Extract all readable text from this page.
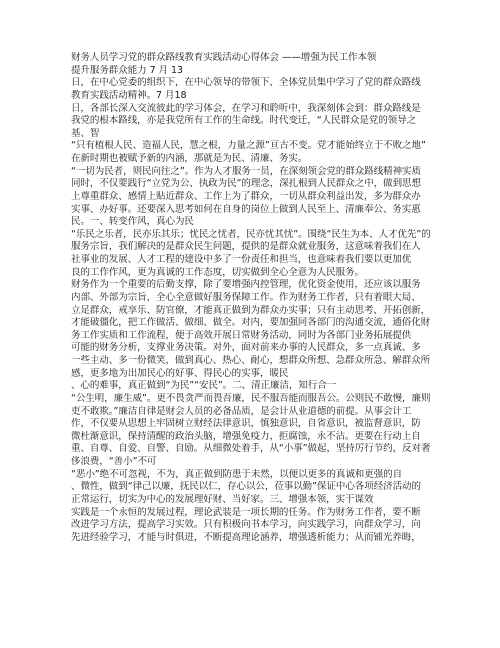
财务人员学习党的群众路线教育实践活动心得体会 ——增强为民工作本领
提升服务群众能力 7 月 13
日，在中心党委的组织下，在中心领导的带领下，全体党员集中学习了党的群众路线
教育实践活动精神。7 月18
日，各部长深入交流彼此的学习体会，在学习和聆听中，我深刻体会到：群众路线是
我党的根本路线，亦是我党所有工作的生命线。时代变迁，“人民群众是党的领导之
基、智
“只有植根人民、造福人民，慧之根，力量之源”亘古不变。党才能始终立于不败之地”
在新时期也被赋予新的内涵，那就是为民、清廉、务实。
“一切为民者，则民向往之”。作为人才服务一员，在深刻领会党的群众路线精神实质
同时，不仅要践行“立党为公、执政为民”的理念，深扎根到人民群众之中，做到思想
上尊重群众、感情上贴近群众、工作上为了群众，一切从群众利益出发，多为群众办
实事、办好事。还要深入思考如何在自身的岗位上做到人民至上、清廉奉公、务实惠
民。一、转变作风，真心为民
“乐民之乐者，民亦乐其乐；忧民之忧者，民亦忧其忧”。围绕“民生为本、人才优先”的
服务宗旨，我们解决的是群众民生问题，提供的是群众就业服务，这意味着我们在人
社事业的发展、人才工程的建设中多了一份责任和担当，也意味着我们要以更加优
良的工作作风，更为真诚的工作态度，切实做到全心全意为人民服务。
财务作为一个重要的后勤支撑，除了要增强内控管理，优化资金使用，还应该以服务
内部、外部为宗旨，全心全意做好服务保障工作。作为财务工作者，只有着眼大局、
立足群众，戒享乐、防官僚，才能真正做到为群众办实事；只有主动思考、开拓创新，
才能破僵化，把工作做活、做细、做全。对内，要加强同各部门的沟通交流，通俗化财
务工作实质和工作流程，便于高效开展日常财务活动，同时为各部门业务拓展提供
可能的财务分析，支撑业务决策。对外，面对前来办事的人民群众，多一点真诚、多
一些主动、多一份微笑，做到真心、热心、耐心，想群众所想、急群众所急、解群众所
感，更多地为出加民心的好事、得民心的实事，暖民
、心的难事，真正做到“为民”“安民”。二、清正廉洁，知行合一
“公生明，廉生威”。更不畏贪严而畏吾廉，民不服吾能而服吾公。公则民不敢慢，廉则
吏不敢欺。”廉洁自律是财会人员的必备品质，是会计从业道德的前提。从事会计工
作，不仅要从思想上牢固树立财经法律意识，慎独意识，自省意识，被监督意识，防
微杜渐意识，保持清醒的政治头脑，增强免疫力，拒腐蚀，永不沾。更要在行动上自
重、自尊、自爱、自警、自励。从细微处着手，从“小事”做起，坚持厉行节约，反对奢
侈浪费，“善小”不可
“恶小”绝不可忽视，不为，真正做到防患于未然，以便以更多的真诚和更强的自
、微性，做到“律己以廉，抚民以仁，存心以公，莅事以勤”保证中心各项经济活动的
正常运行，切实为中心的发展理好财、当好家。三、增强本领，实干谋效
实践是一个永恒的发展过程，理论武装是一项长期的任务。作为财务工作者，要不断
改进学习方法，提高学习实效。只有积极向书本学习，向实践学习，向群众学习，向
先进经验学习，才能与时俱进，不断提高理论涵养，增强透析能力；从而铺光养晦，
